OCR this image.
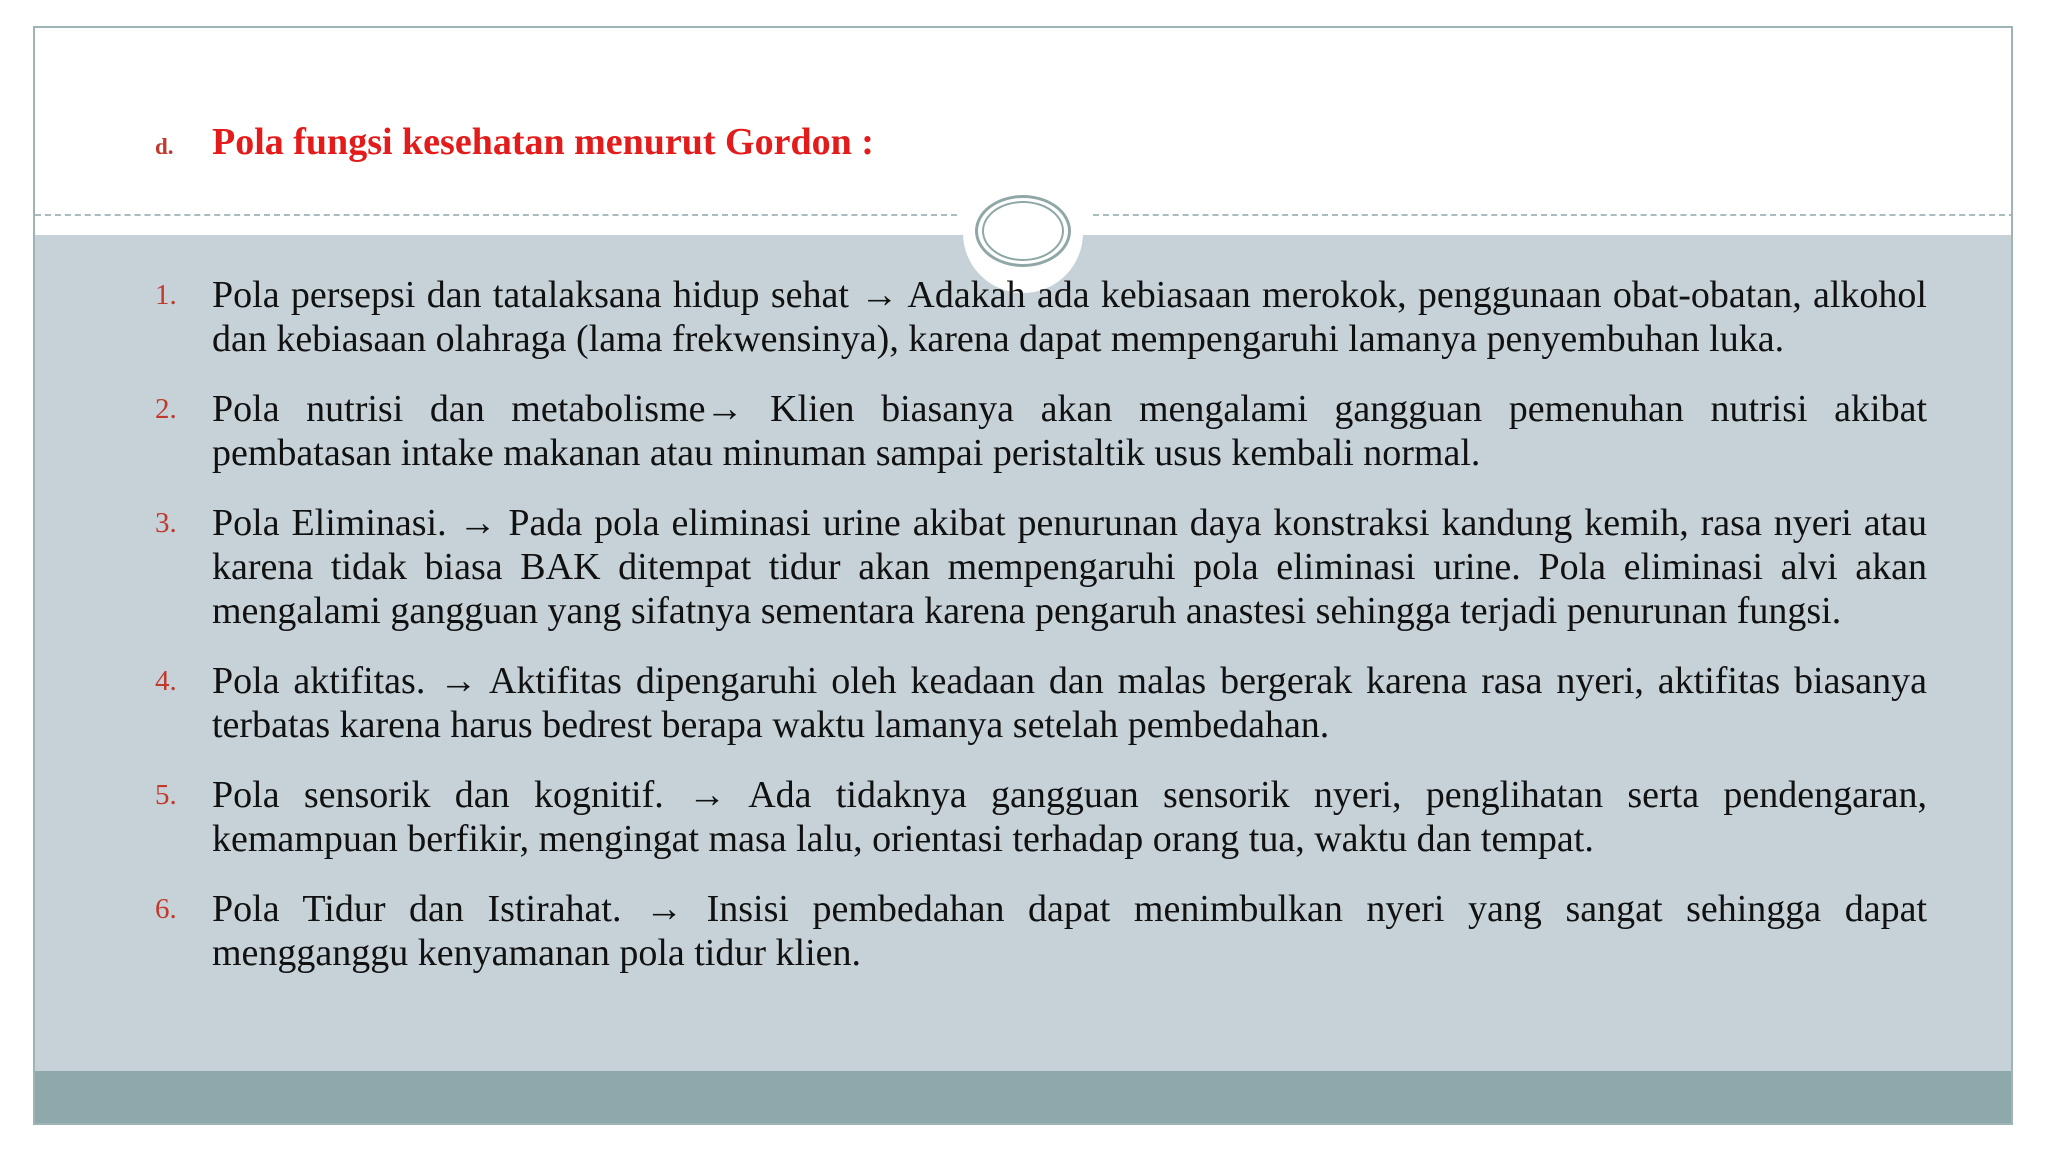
d.	Pola fungsi kesehatan menurut Gordon :
1. Pola persepsi dan tatalaksana hidup sehat → Adakah ada kebiasaan merokok, penggunaan obat-obatan, alkohol dan kebiasaan olahraga (lama frekwensinya), karena dapat mempengaruhi lamanya penyembuhan luka.
2. Pola nutrisi dan metabolisme→ Klien biasanya akan mengalami gangguan pemenuhan nutrisi akibat pembatasan intake makanan atau minuman sampai peristaltik usus kembali normal.
3. Pola Eliminasi. → Pada pola eliminasi urine akibat penurunan daya konstraksi kandung kemih, rasa nyeri atau karena tidak biasa BAK ditempat tidur akan mempengaruhi pola eliminasi urine. Pola eliminasi alvi akan mengalami gangguan yang sifatnya sementara karena pengaruh anastesi sehingga terjadi penurunan fungsi.
4. Pola aktifitas. → Aktifitas dipengaruhi oleh keadaan dan malas bergerak karena rasa nyeri, aktifitas biasanya terbatas karena harus bedrest berapa waktu lamanya setelah pembedahan.
5. Pola sensorik dan kognitif. → Ada tidaknya gangguan sensorik nyeri, penglihatan serta pendengaran, kemampuan berfikir, mengingat masa lalu, orientasi terhadap orang tua, waktu dan tempat.
6. Pola Tidur dan Istirahat. → Insisi pembedahan dapat menimbulkan nyeri yang sangat sehingga dapat mengganggu kenyamanan pola tidur klien.
